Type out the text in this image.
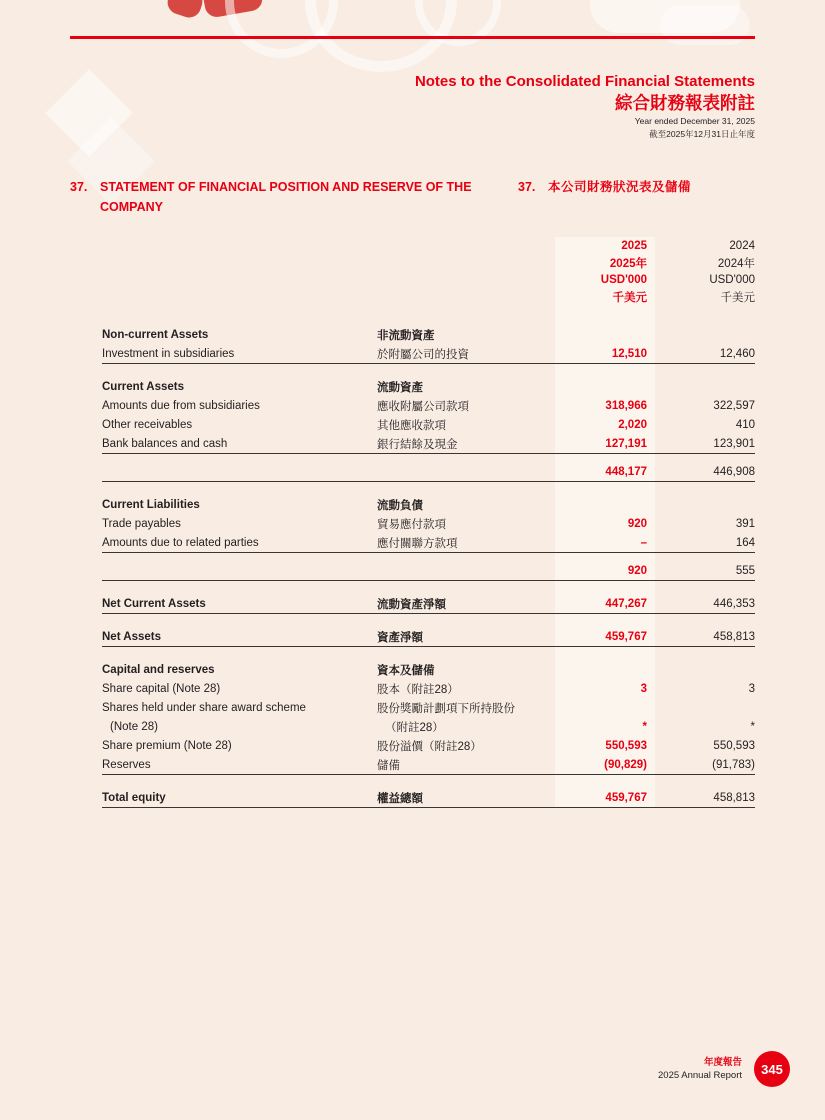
Notes to the Consolidated Financial Statements
綜合財務報表附註
Year ended December 31, 2025
截至2025年12月31日止年度
37.	STATEMENT OF FINANCIAL POSITION AND RESERVE OF THE COMPANY
37.	本公司財務狀況表及儲備
2025	2024
2025年	2024年
USD'000	USD'000
千美元	千美元
Non-current Assets	非流動資產
Investment in subsidiaries	於附屬公司的投資	12,510	12,460
Current Assets	流動資產
Amounts due from subsidiaries	應收附屬公司款項	318,966	322,597
Other receivables	其他應收款項	2,020	410
Bank balances and cash	銀行結餘及現金	127,191	123,901
448,177	446,908
Current Liabilities	流動負債
Trade payables	貿易應付款項	920	391
Amounts due to related parties	應付關聯方款項	–	164
920	555
Net Current Assets	流動資產淨額	447,267	446,353
Net Assets	資產淨額	459,767	458,813
Capital and reserves	資本及儲備
Share capital (Note 28)	股本（附註28）	3	3
Shares held under share award scheme	股份獎勵計劃項下所持股份
(Note 28)	（附註28）	*	*
Share premium (Note 28)	股份溢價（附註28）	550,593	550,593
Reserves	儲備	(90,829)	(91,783)
Total equity	權益總額	459,767	458,813
年度報告
2025 Annual Report	345
